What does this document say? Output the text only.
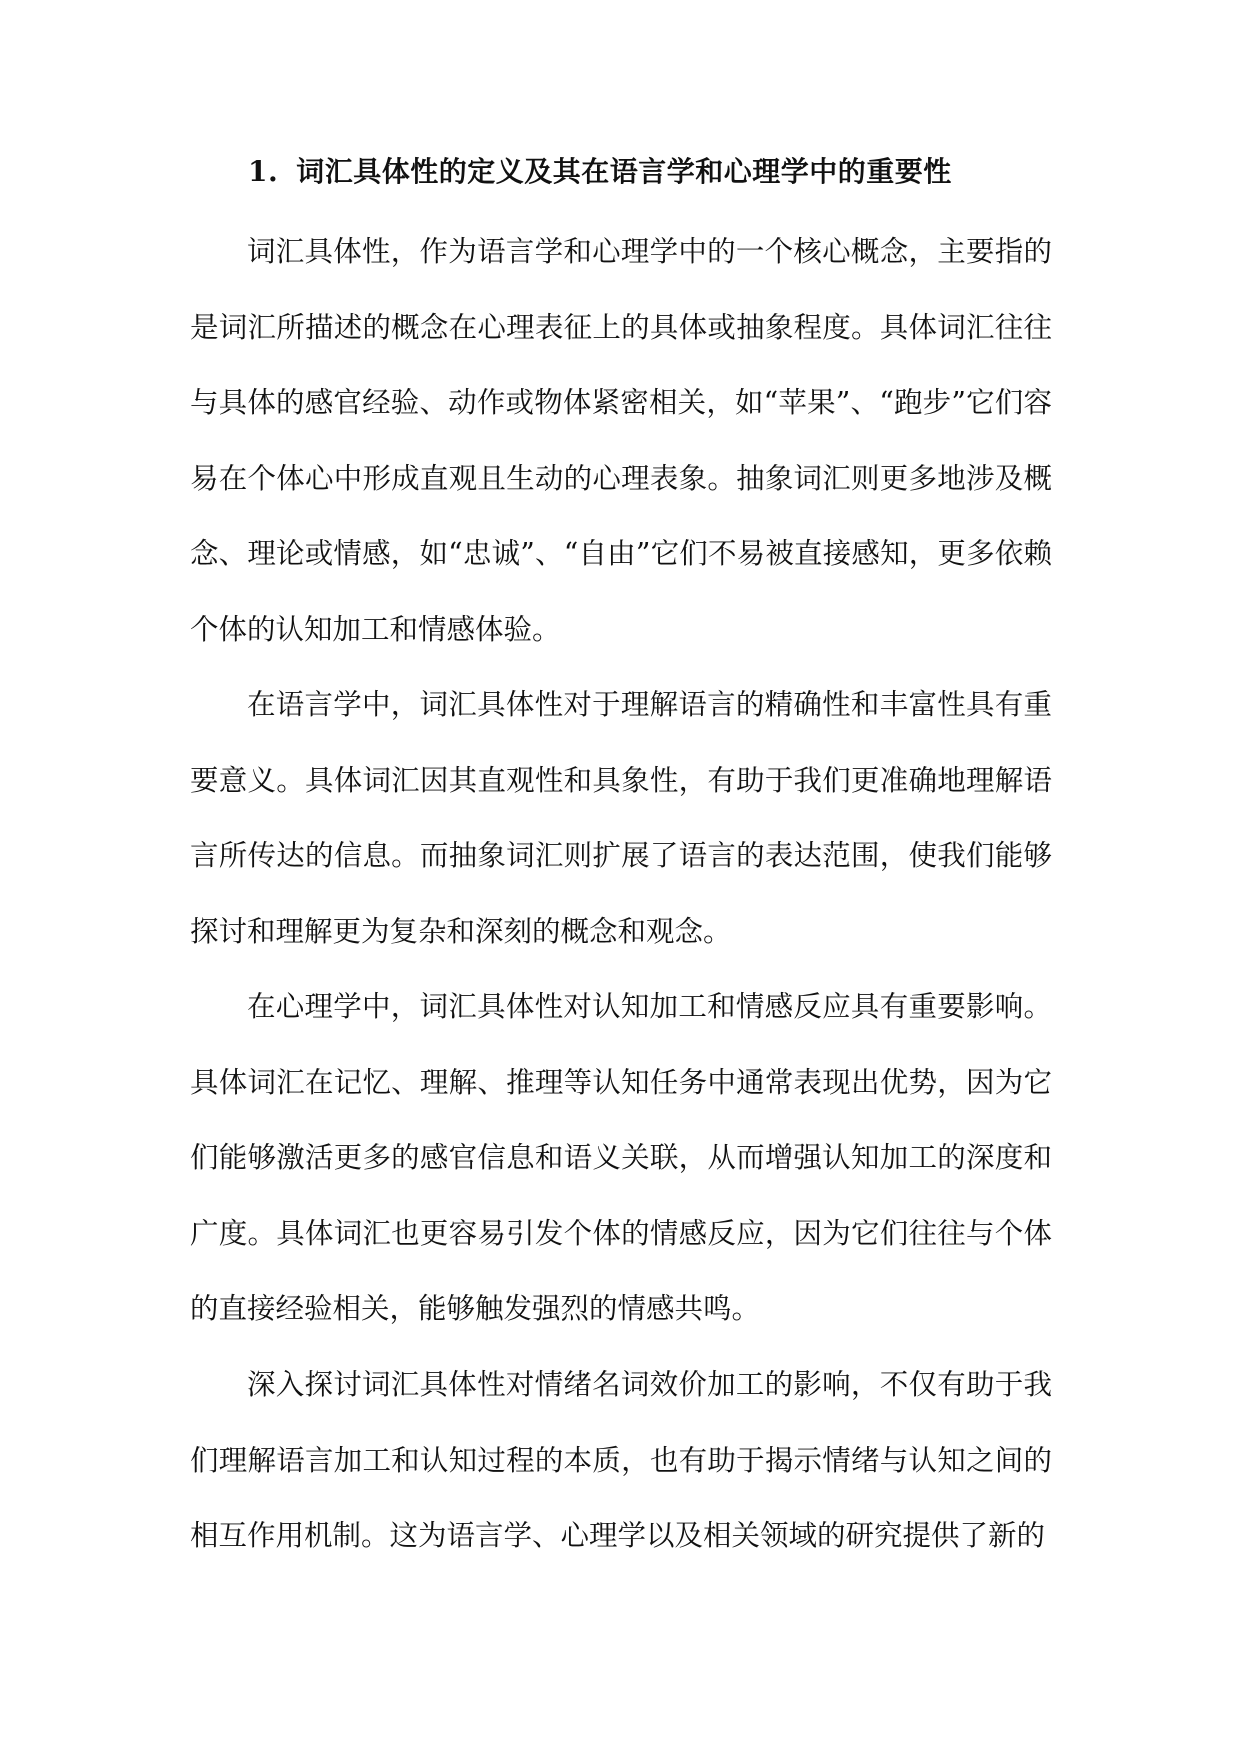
1. 词汇具体性的定义及其在语言学和心理学中的重要性

词汇具体性，作为语言学和心理学中的一个核心概念，主要指的是词汇所描述的概念在心理表征上的具体或抽象程度。具体词汇往往与具体的感官经验、动作或物体紧密相关，如“苹果”、“跑步”它们容易在个体心中形成直观且生动的心理表象。抽象词汇则更多地涉及概念、理论或情感，如“忠诚”、“自由”它们不易被直接感知，更多依赖个体的认知加工和情感体验。

在语言学中，词汇具体性对于理解语言的精确性和丰富性具有重要意义。具体词汇因其直观性和具象性，有助于我们更准确地理解语言所传达的信息。而抽象词汇则扩展了语言的表达范围，使我们能够探讨和理解更为复杂和深刻的概念和观念。

在心理学中，词汇具体性对认知加工和情感反应具有重要影响。具体词汇在记忆、理解、推理等认知任务中通常表现出优势，因为它们能够激活更多的感官信息和语义关联，从而增强认知加工的深度和广度。具体词汇也更容易引发个体的情感反应，因为它们往往与个体的直接经验相关，能够触发强烈的情感共鸣。

深入探讨词汇具体性对情绪名词效价加工的影响，不仅有助于我们理解语言加工和认知过程的本质，也有助于揭示情绪与认知之间的相互作用机制。这为语言学、心理学以及相关领域的研究提供了新的
